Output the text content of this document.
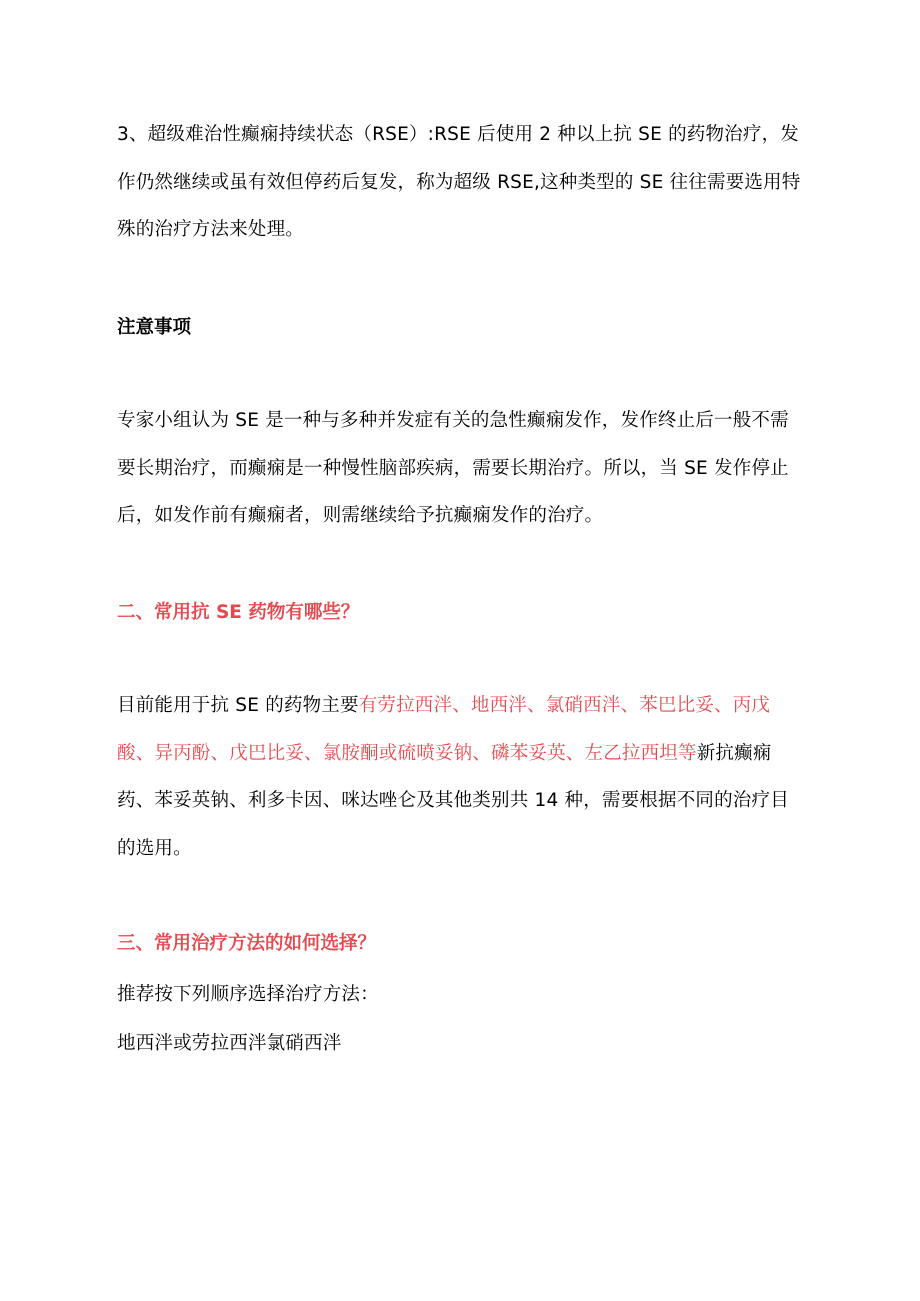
3、超级难治性癫痫持续状态（RSE）:RSE 后使用 2 种以上抗 SE 的药物治疗，发作仍然继续或虽有效但停药后复发，称为超级 RSE,这种类型的 SE 往往需要选用特殊的治疗方法来处理。

注意事项

专家小组认为 SE 是一种与多种并发症有关的急性癫痫发作，发作终止后一般不需要长期治疗，而癫痫是一种慢性脑部疾病，需要长期治疗。所以，当 SE 发作停止后，如发作前有癫痫者，则需继续给予抗癫痫发作的治疗。

二、常用抗 SE 药物有哪些？

目前能用于抗 SE 的药物主要有劳拉西泮、地西泮、氯硝西泮、苯巴比妥、丙戊酸、异丙酚、戊巴比妥、氯胺酮或硫喷妥钠、磷苯妥英、左乙拉西坦等新抗癫痫药、苯妥英钠、利多卡因、咪达唑仑及其他类别共 14 种，需要根据不同的治疗目的选用。

三、常用治疗方法的如何选择？

推荐按下列顺序选择治疗方法：

地西泮或劳拉西泮氯硝西泮
